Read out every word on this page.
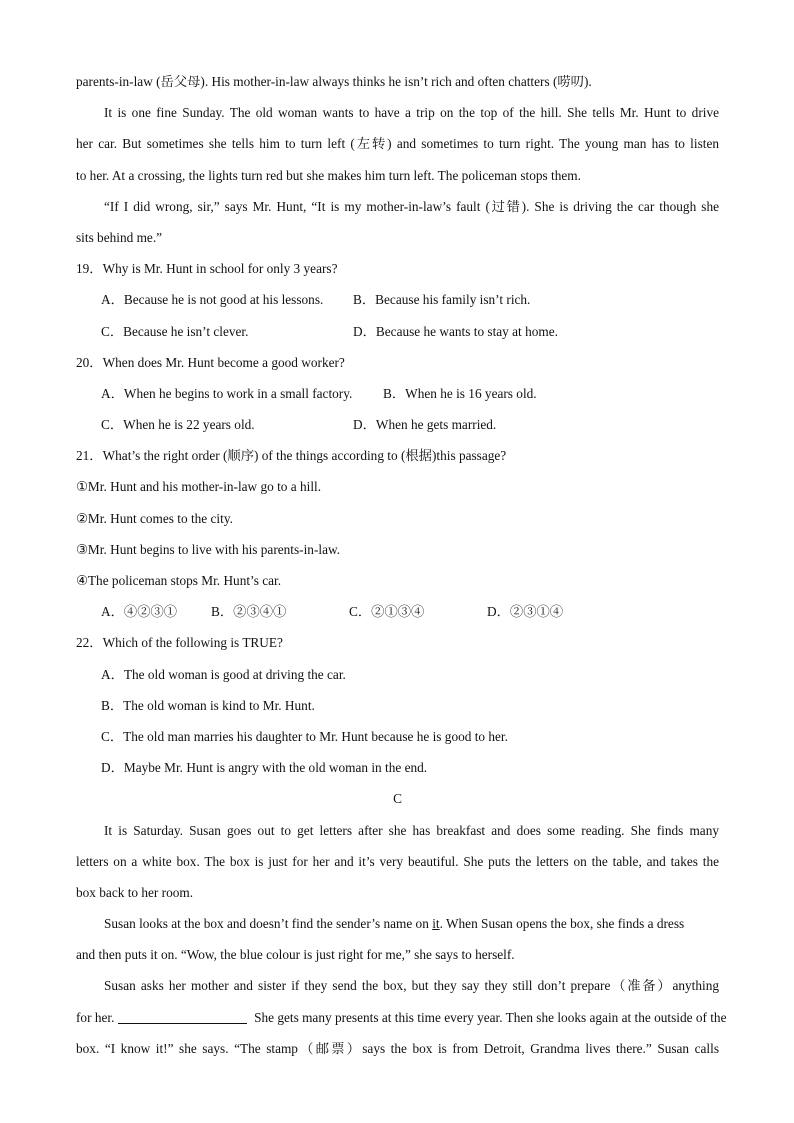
parents-in-law (岳父母). His mother-in-law always thinks he isn’t rich and often chatters (唠叨).
It is one fine Sunday. The old woman wants to have a trip on the top of the hill. She tells Mr. Hunt to drive
her car. But sometimes she tells him to turn left (左转) and sometimes to turn right. The young man has to listen
to her. At a crossing, the lights turn red but she makes him turn left. The policeman stops them.
“If I did wrong, sir,” says Mr. Hunt, “It is my mother-in-law’s fault (过错). She is driving the car though she
sits behind me.”
19．Why is Mr. Hunt in school for only 3 years?
A．Because he is not good at his lessons. B．Because his family isn’t rich.
C．Because he isn’t clever.	D．Because he wants to stay at home.
20．When does Mr. Hunt become a good worker?
A．When he begins to work in a small factory. B．When he is 16 years old.
C．When he is 22 years old.	D．When he gets married.
21．What’s the right order (顺序) of the things according to (根据)this passage?
①Mr. Hunt and his mother-in-law go to a hill.
②Mr. Hunt comes to the city.
③Mr. Hunt begins to live with his parents-in-law.
④The policeman stops Mr. Hunt’s car.
A．④②③①	B．②③④①	C．②①③④	D．②③①④
22．Which of the following is TRUE?
A．The old woman is good at driving the car.
B．The old woman is kind to Mr. Hunt.
C．The old man marries his daughter to Mr. Hunt because he is good to her.
D．Maybe Mr. Hunt is angry with the old woman in the end.
C
It is Saturday. Susan goes out to get letters after she has breakfast and does some reading. She finds many
letters on a white box. The box is just for her and it’s very beautiful. She puts the letters on the table, and takes the
box back to her room.
Susan looks at the box and doesn’t find the sender’s name on it. When Susan opens the box, she finds a dress
and then puts it on. “Wow, the blue colour is just right for me,” she says to herself.
Susan asks her mother and sister if they send the box, but they say they still don’t prepare（准备）anything
for her.	She gets many presents at this time every year. Then she looks again at the outside of the
box. “I know it!” she says. “The stamp（邮票）says the box is from Detroit, Grandma lives there.” Susan calls
